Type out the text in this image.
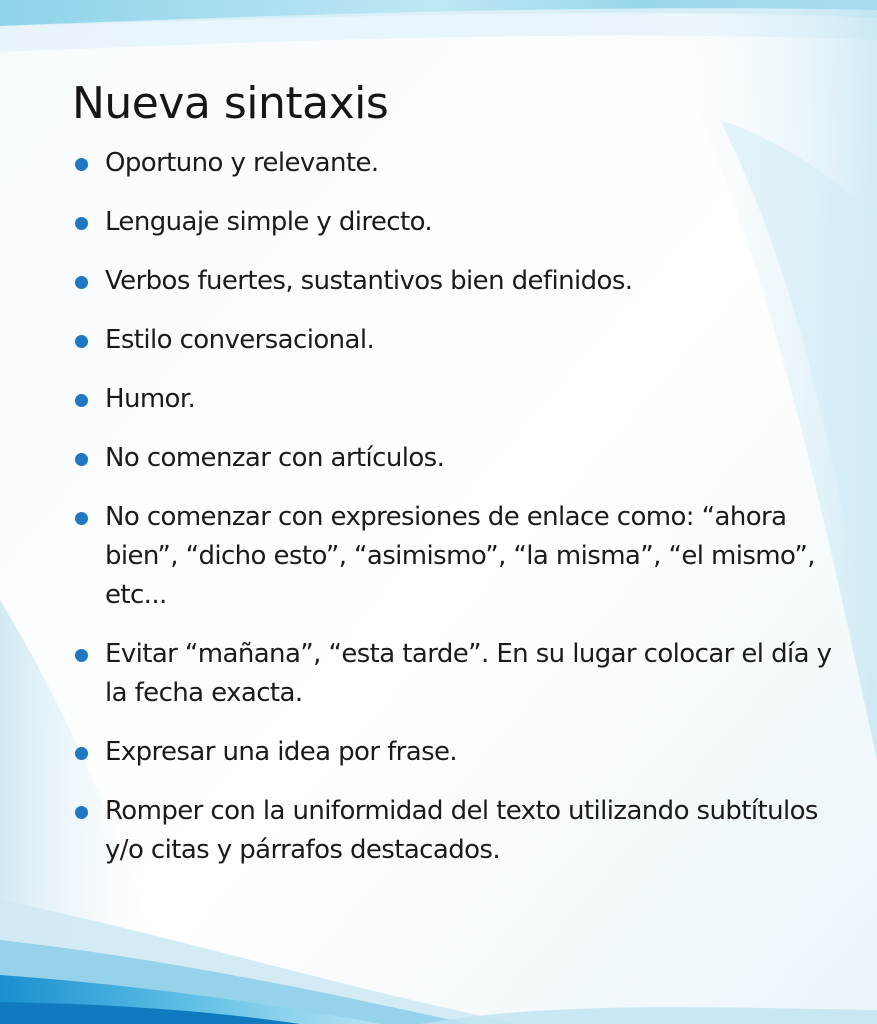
Nueva sintaxis
Oportuno y relevante.
Lenguaje simple y directo.
Verbos fuertes, sustantivos bien definidos.
Estilo conversacional.
Humor.
No comenzar con artículos.
No comenzar con expresiones de enlace como: “ahora bien”, “dicho esto”, “asimismo”, “la misma”, “el mismo”, etc...
Evitar “mañana”, “esta tarde”. En su lugar colocar el día y la fecha exacta.
Expresar una idea por frase.
Romper con la uniformidad del texto utilizando subtítulos y/o citas y párrafos destacados.
